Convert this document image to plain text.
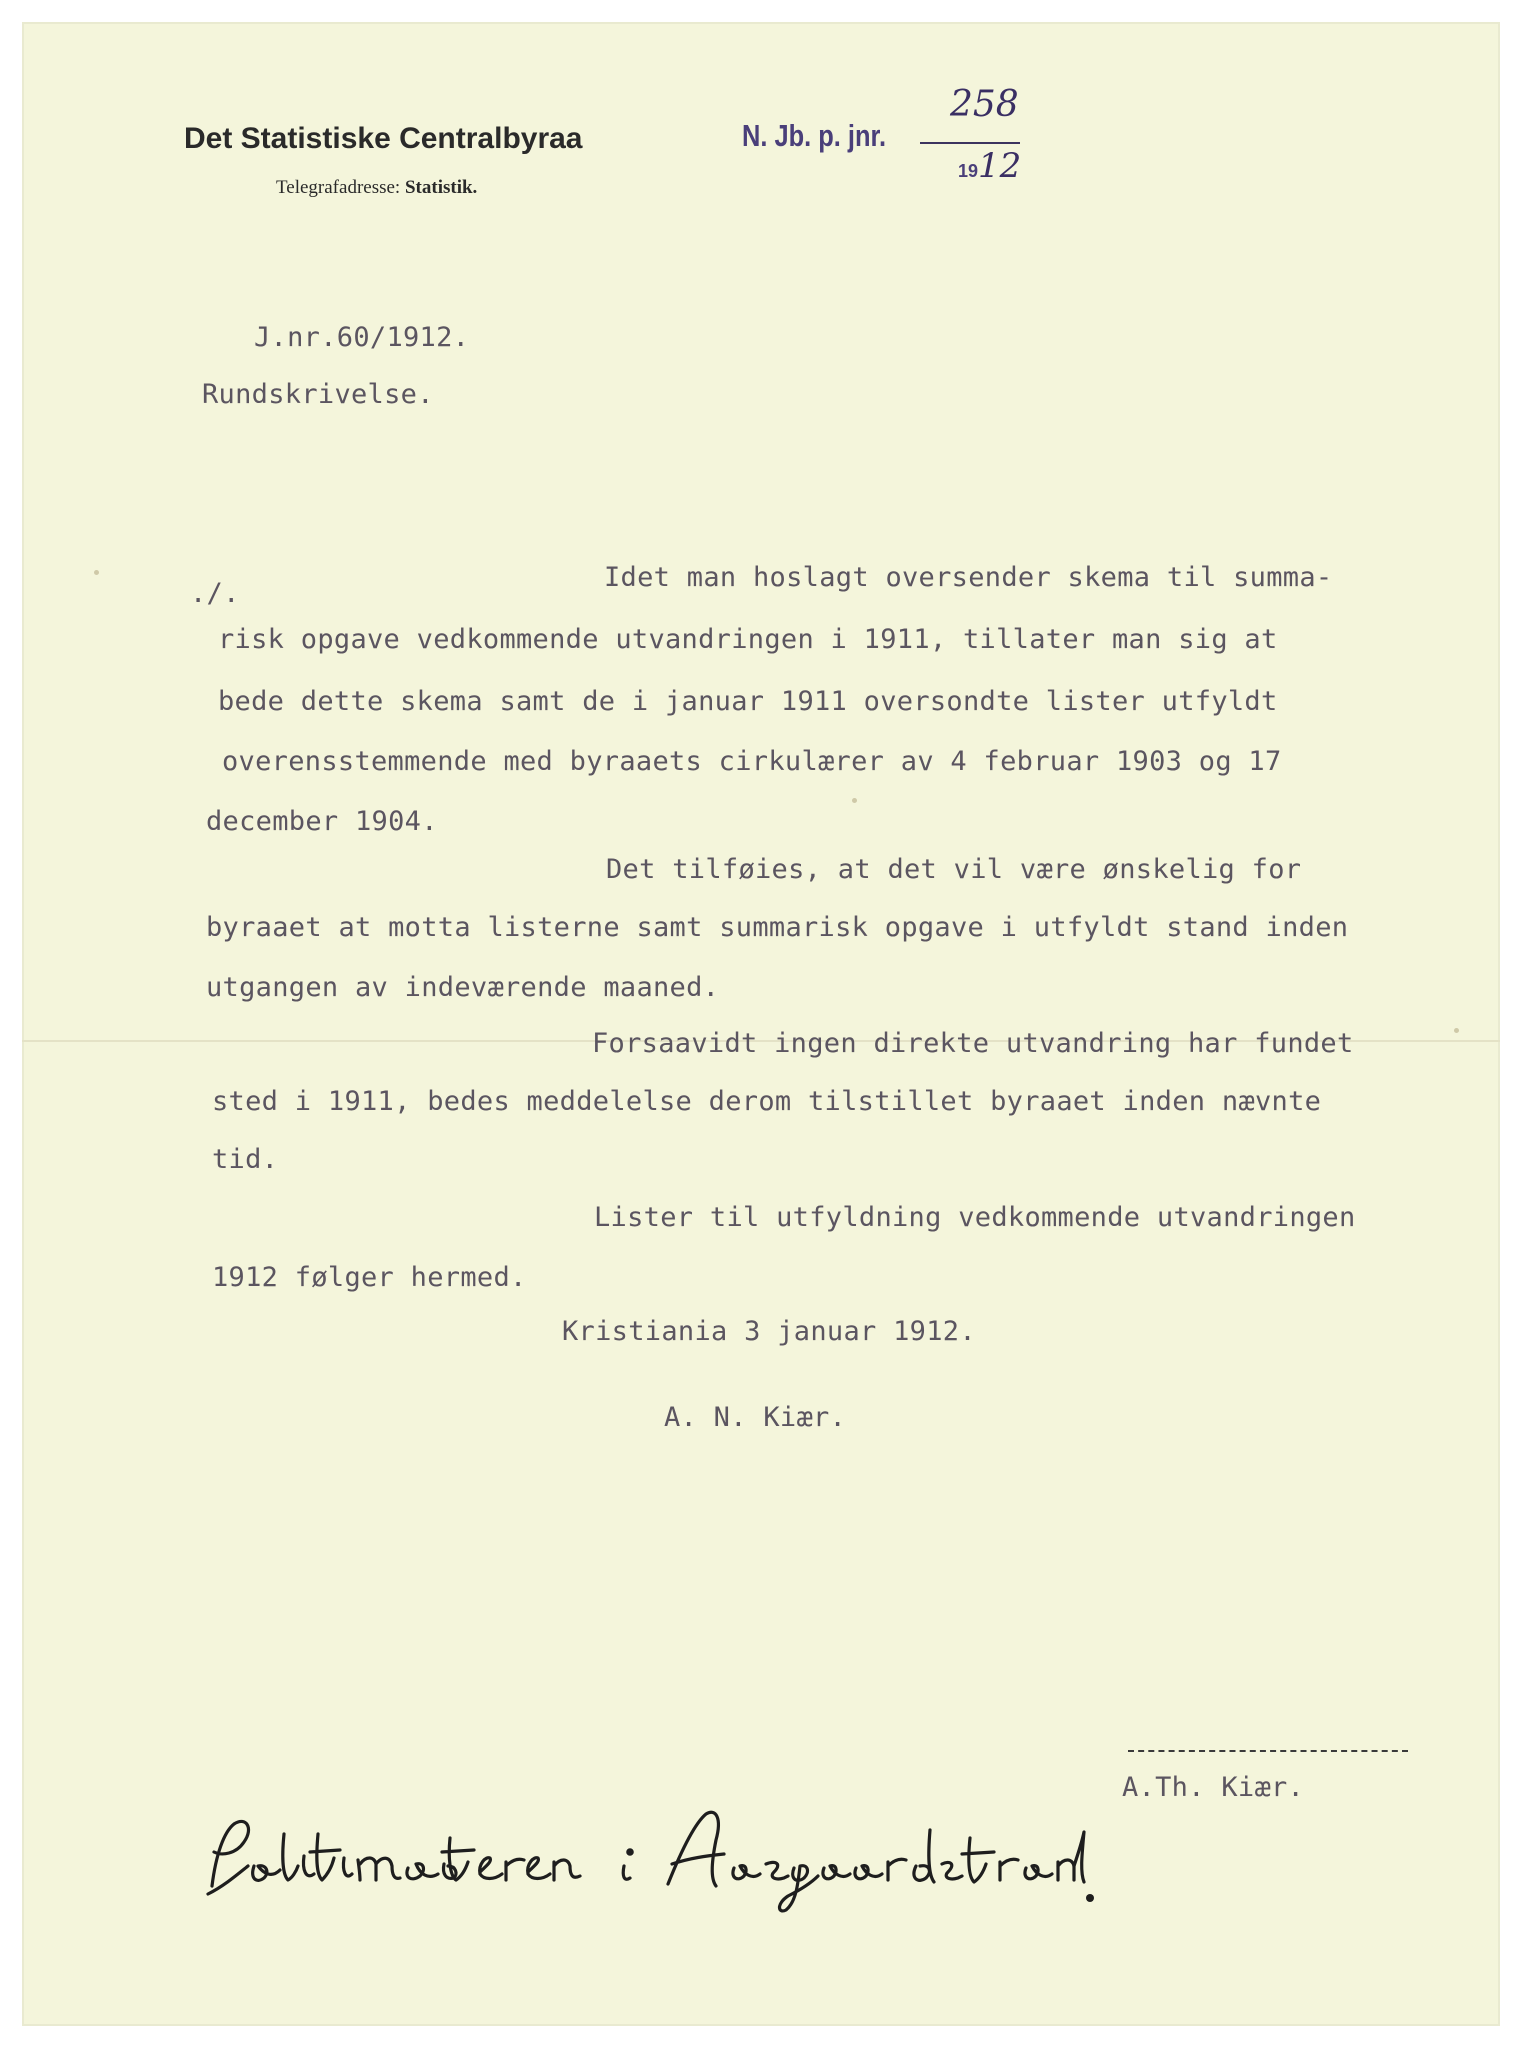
Det Statistiske Centralbyraa
Telegrafadresse: Statistik.
N. Jb. p. jnr.
258
1912
J.nr.60/1912.
Rundskrivelse.
./.
Idet man hoslagt oversender skema til summa-
risk opgave vedkommende utvandringen i 1911, tillater man sig at
bede dette skema samt de i januar 1911 oversondte lister utfyldt
overensstemmende med byraaets cirkulærer av 4 februar 1903 og 17
december 1904.
Det tilføies, at det vil være ønskelig for
byraaet at motta listerne samt summarisk opgave i utfyldt stand inden
utgangen av indeværende maaned.
Forsaavidt ingen direkte utvandring har fundet
sted i 1911, bedes meddelelse derom tilstillet byraaet inden nævnte
tid.
Lister til utfyldning vedkommende utvandringen
1912 følger hermed.
Kristiania 3 januar 1912.
A. N. Kiær.
A.Th. Kiær.
